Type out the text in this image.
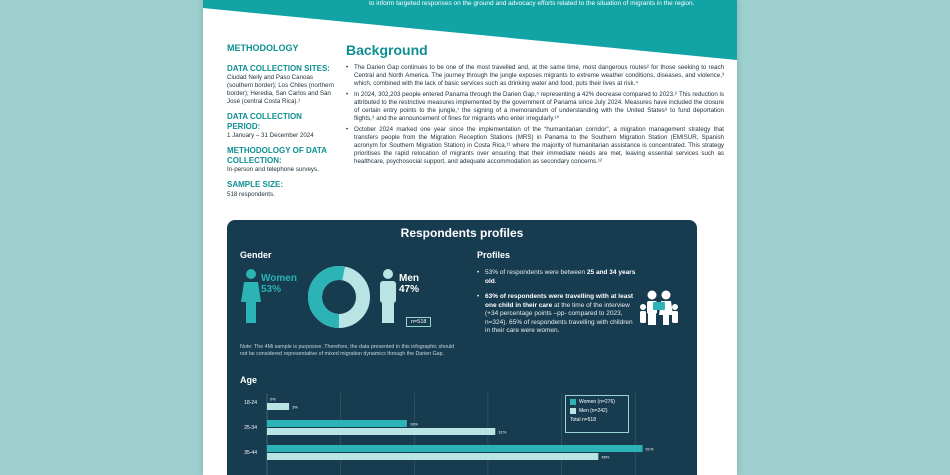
to inform targeted responses on the ground and advocacy efforts related to the situation of migrants in the region.
METHODOLOGY
DATA COLLECTION SITES:
Ciudad Neily and Paso Canoas (southern border); Los Chiles (northern border); Heredia, San Carlos and San José (central Costa Rica).¹
DATA COLLECTION PERIOD:
1 January – 31 December 2024
METHODOLOGY OF DATA COLLECTION:
In-person and telephone surveys.
SAMPLE SIZE:
518 respondents.
Background
• The Darien Gap continues to be one of the most travelled and, at the same time, most dangerous routes² for those seeking to reach Central and North America. The journey through the jungle exposes migrants to extreme weather conditions, diseases, and violence,³ which, combined with the lack of basic services such as drinking water and food, puts their lives at risk.⁴
• In 2024, 302,203 people entered Panama through the Darien Gap,⁵ representing a 42% decrease compared to 2023.⁶ This reduction is attributed to the restrictive measures implemented by the government of Panama since July 2024. Measures have included the closure of certain entry points to the jungle,⁷ the signing of a memorandum of understanding with the United States⁸ to fund deportation flights,⁹ and the announcement of fines for migrants who enter irregularly.¹⁰
• October 2024 marked one year since the implementation of the “humanitarian corridor”, a migration management strategy that transfers people from the Migration Reception Stations (MRS) in Panama to the Southern Migration Station (EMISUR, Spanish acronym for Southern Migration Station) in Costa Rica,¹¹ where the majority of humanitarian assistance is concentrated. This strategy prioritises the rapid relocation of migrants over ensuring that their immediate needs are met, leaving essential services such as healthcare, psychosocial support, and adequate accommodation as secondary concerns.¹²
Respondents profiles
Gender
Women
53%
Men
47%
n=518
Note: The 4Mi sample is purposive. Therefore, the data presented in this infographic should not be considered representative of mixed migration dynamics through the Darien Gap.
Profiles
• 53% of respondents were between 25 and 34 years old.
• 63% of respondents were travelling with at least one child in their care at the time of the interview (+34 percentage points –pp- compared to 2023, n=324). 65% of respondents travelling with children in their care were women.
Age
18-24
0%
3%
25-34
19%
31%
35-44
51%
45%
Women (n=276)
Men (n=242)
Total n=518
